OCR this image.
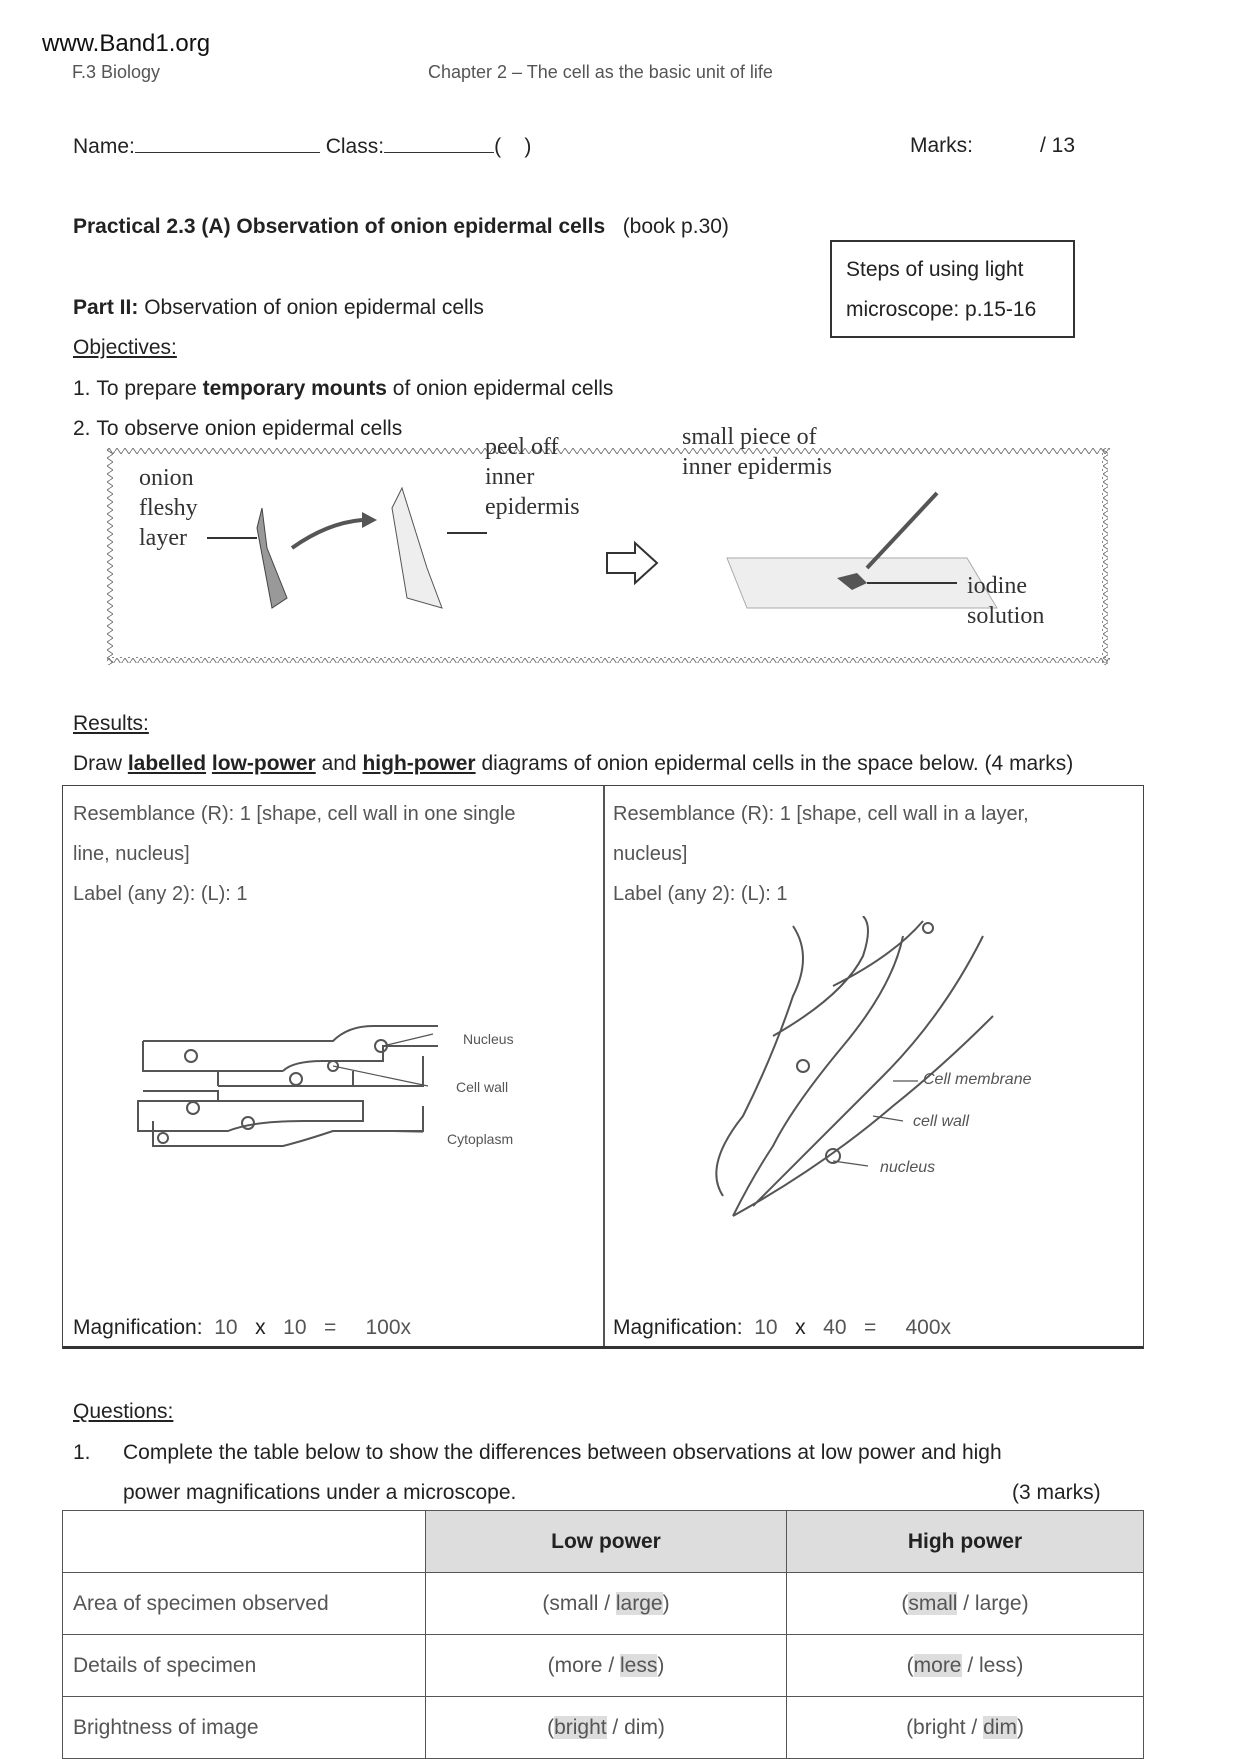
www.Band1.org
F.3 Biology	Chapter 2 – The cell as the basic unit of life
Name:	Class:	( )	Marks:	/ 13
Practical 2.3 (A) Observation of onion epidermal cells (book p.30)
Steps of using light
microscope: p.15-16
Part II: Observation of onion epidermal cells
Objectives:
1. To prepare temporary mounts of onion epidermal cells
2. To observe onion epidermal cells
onion
fleshy
layer
peel off
inner
epidermis
small piece of
inner epidermis
iodine
solution
Results:
Draw labelled low-power and high-power diagrams of onion epidermal cells in the space below. (4 marks)
Resemblance (R): 1 [shape, cell wall in one single
line, nucleus]
Label (any 2): (L): 1
Resemblance (R): 1 [shape, cell wall in a layer,
nucleus]
Label (any 2): (L): 1
Nucleus
Cell wall
Cytoplasm
Cell membrane
cell wall
nucleus
Magnification: 10 x 10 = 100x	Magnification: 10 x 40 = 400x
Questions:
1. Complete the table below to show the differences between observations at low power and high
power magnifications under a microscope.	(3 marks)
	Low power	High power
Area of specimen observed	(small / large)	(small / large)
Details of specimen	(more / less)	(more / less)
Brightness of image	(bright / dim)	(bright / dim)
